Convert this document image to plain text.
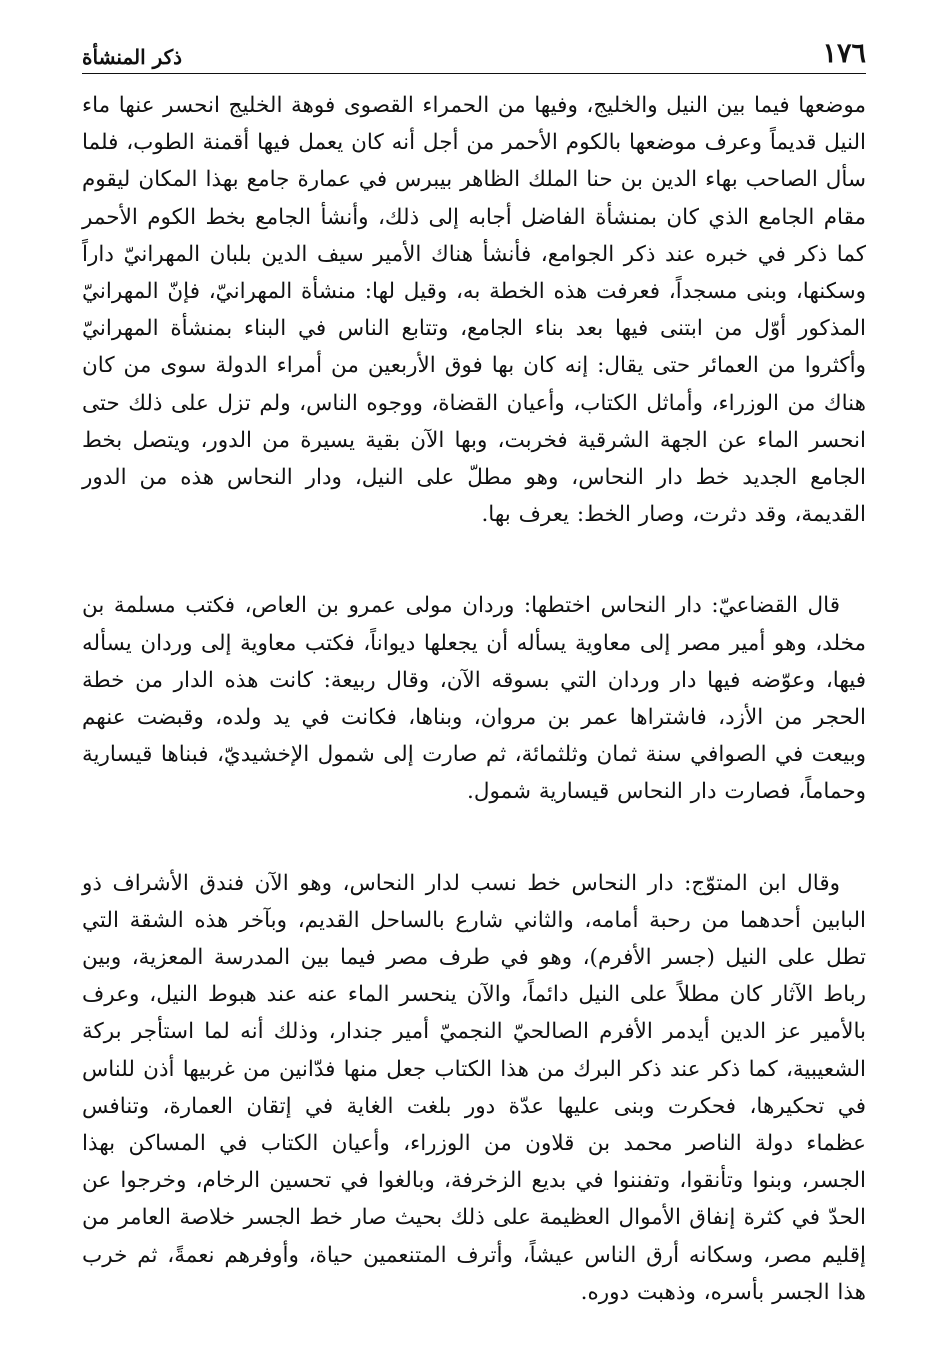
١٧٦
ذكر المنشأة

موضعها فيما بين النيل والخليج، وفيها من الحمراء القصوى فوهة الخليج انحسر عنها ماء النيل قديماً وعرف موضعها بالكوم الأحمر من أجل أنه كان يعمل فيها أقمنة الطوب، فلما سأل الصاحب بهاء الدين بن حنا الملك الظاهر بيبرس في عمارة جامع بهذا المكان ليقوم مقام الجامع الذي كان بمنشأة الفاضل أجابه إلى ذلك، وأنشأ الجامع بخط الكوم الأحمر كما ذكر في خبره عند ذكر الجوامع، فأنشأ هناك الأمير سيف الدين بلبان المهرانيّ داراً وسكنها، وبنى مسجداً، فعرفت هذه الخطة به، وقيل لها: منشأة المهرانيّ، فإنّ المهرانيّ المذكور أوّل من ابتنى فيها بعد بناء الجامع، وتتابع الناس في البناء بمنشأة المهرانيّ وأكثروا من العمائر حتى يقال: إنه كان بها فوق الأربعين من أمراء الدولة سوى من كان هناك من الوزراء، وأماثل الكتاب، وأعيان القضاة، ووجوه الناس، ولم تزل على ذلك حتى انحسر الماء عن الجهة الشرقية فخربت، وبها الآن بقية يسيرة من الدور، ويتصل بخط الجامع الجديد خط دار النحاس، وهو مطلّ على النيل، ودار النحاس هذه من الدور القديمة، وقد دثرت، وصار الخط: يعرف بها.

قال القضاعيّ: دار النحاس اختطها: وردان مولى عمرو بن العاص، فكتب مسلمة بن مخلد، وهو أمير مصر إلى معاوية يسأله أن يجعلها ديواناً، فكتب معاوية إلى وردان يسأله فيها، وعوّضه فيها دار وردان التي بسوقه الآن، وقال ربيعة: كانت هذه الدار من خطة الحجر من الأزد، فاشتراها عمر بن مروان، وبناها، فكانت في يد ولده، وقبضت عنهم وبيعت في الصوافي سنة ثمان وثلثمائة، ثم صارت إلى شمول الإخشيديّ، فبناها قيسارية وحماماً، فصارت دار النحاس قيسارية شمول.

وقال ابن المتوّج: دار النحاس خط نسب لدار النحاس، وهو الآن فندق الأشراف ذو البابين أحدهما من رحبة أمامه، والثاني شارع بالساحل القديم، وبآخر هذه الشقة التي تطل على النيل (جسر الأفرم)، وهو في طرف مصر فيما بين المدرسة المعزية، وبين رباط الآثار كان مطلاً على النيل دائماً، والآن ينحسر الماء عنه عند هبوط النيل، وعرف بالأمير عز الدين أيدمر الأفرم الصالحيّ النجميّ أمير جندار، وذلك أنه لما استأجر بركة الشعيبية، كما ذكر عند ذكر البرك من هذا الكتاب جعل منها فدّانين من غربيها أذن للناس في تحكيرها، فحكرت وبنى عليها عدّة دور بلغت الغاية في إتقان العمارة، وتنافس عظماء دولة الناصر محمد بن قلاون من الوزراء، وأعيان الكتاب في المساكن بهذا الجسر، وبنوا وتأنقوا، وتفننوا في بديع الزخرفة، وبالغوا في تحسين الرخام، وخرجوا عن الحدّ في كثرة إنفاق الأموال العظيمة على ذلك بحيث صار خط الجسر خلاصة العامر من إقليم مصر، وسكانه أرق الناس عيشاً، وأترف المتنعمين حياة، وأوفرهم نعمةً، ثم خرب هذا الجسر بأسره، وذهبت دوره.
